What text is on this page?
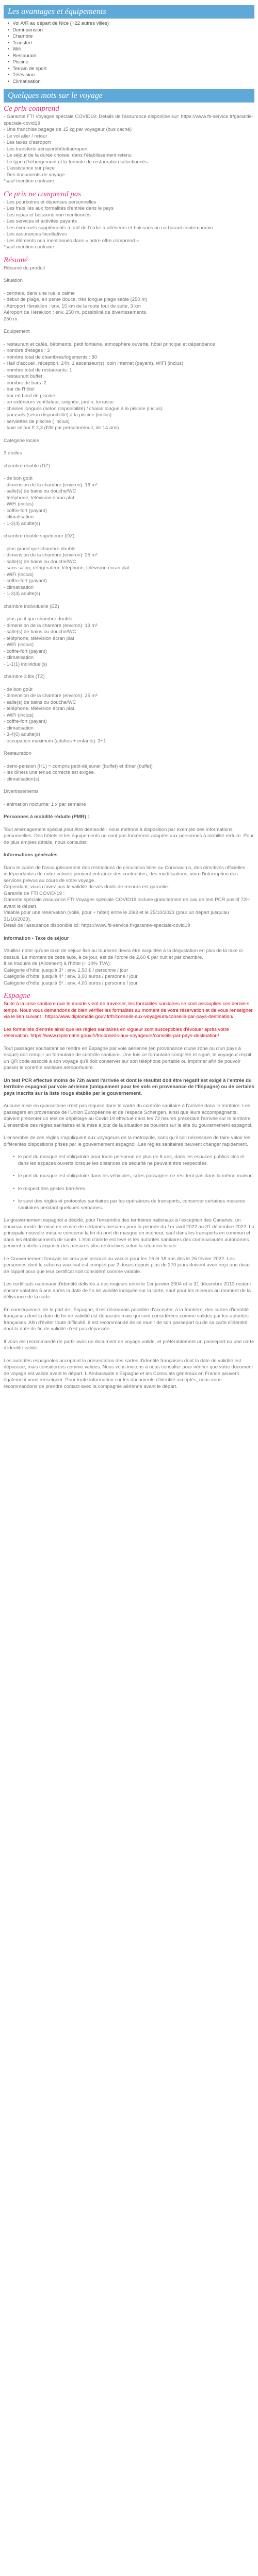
Les avantages et équipements
• Vol A/R au départ de Nice (+22 autres villes)
• Demi-pension
• Chambre
• Transfert
• Wifi
• Restaurant
• Piscine
• Terrain de sport
• Télévision
• Climatisation
Quelques mots sur le voyage
Ce prix comprend

- Garantie FTI Voyages spéciale COVID19: Détails de l'assurance disponible sur: https://www.fti-service.fr/garantie-speciale-covid19

- Une franchise bagage de 15 kg par voyageur (bus caché)

- Le vol aller / retour

- Les taxes d'aéroport

- Les transferts aéroport/hôtel/aéroport

- Le séjour de la durée choisie, dans l'établissement retenu

- Le type d'hébergement et la formule de restauration sélectionnés

- L'assistance sur place

- Des documents de voyage

*sauf mention contraire

Ce prix ne comprend pas

- Les pourboires et dépenses personnelles

- Les frais liés aux formalités d'entrée dans le pays

- Les repas et boissons non mentionnés

- Les services et activités payants

- Les éventuels suppléments à tarif de l'ordre à ultérieurs et boissons ou carburant contemporain

- Les assurances facultatives

- Les éléments non mentionnés dans « notre offre comprend »

*sauf mention contraire

Résumé

Résumé du produit

Situation

- centrale, dans une ruelle calme
- début de plage, en pente douce, très longue plage sable (250 m)
- Aéroport Heraklion : env. 15 km de la route tout de suite, 3 km
Aéroport de Héraklion : env. 250 m, possibilité de divertissements.
250 m

Equipement

- restaurant et cafés, bâtiments, petit fontaine, atmosphère ouverte, hôtel principal et dépendance
- nombre d'étages : 3
- nombre total de chambres/logements : 80
- Hall d'accueil, réception, 24h, 1 ascenseur(s), coin internet (payant), WIFI (inclus)
- nombre total de restaurants: 1
- restaurant buffet
- nombre de bars: 2
- bar de l'hôtel
- bar en bord de piscine
- un extérieurs ventilateur, soignée, jardin, terrasse
- chaises longues (selon disponibilité) / chaise longue à la piscine (inclus)
- parasols (selon disponibilité) à la piscine (inclus)
- serviettes de piscine ( inclus)
- taxe séjour € 2,3 (€/lit par personne/nuit, de 14 ans)

Catégorie locale

3 étoiles

chambre double (DZ)

- de bon goût
- dimension de la chambre (environ): 16 m²
- salle(s) de bains ou douche/WC
- téléphone, télévision écran plat
- WiFi (inclus)
- coffre-fort (payant)
- climatisation
- 1-3(4) adulte(s)

chambre double supérieure (DZ)

- plus grand que chambre double
- dimension de la chambre (environ): 25 m²
- salle(s) de bains ou douche/WC
- sans salon, réfrigérateur, téléphone, télévision écran plat
- WiFi (inclus)
- coffre-fort (payant)
- climatisation
- 1-3(4) adulte(s)

chambre individuelle (EZ)

- plus petit que chambre double
- dimension de la chambre (environ): 13 m²
- salle(s) de bains ou douche/WC
- téléphone, télévision écran plat
- WiFi (inclus)
- coffre-fort (payant)
- climatisation
- 1-1(1) individuel(s)

chambre 3 lits (TZ)

- de bon goût
- dimension de la chambre (environ): 25 m²
- salle(s) de bains ou douche/WC
- téléphone, télévision écran plat
- WiFi (inclus)
- coffre-fort (payant)
- climatisation
- 3-4(6) adulte(s)
- occupation maximum (adultes + enfants): 3+1

Restauration

- demi-pension (HL) = compris petit-déjeuner (buffet) et dîner (buffet)
- les dîners une tenue correcte est exigée.
- climatisation(s)

Divertissements

- animation nocturne: 1 x par semaine

Personnes à mobilité réduite (PMR) :

Tout aménagement spécial peut être demandé : nous mettons à disposition par exemple des informations personnelles. Des hôtels et les équipements ne sont pas forcément adaptés aux personnes à mobilité réduite. Pour de plus amples détails, nous consulter.

Informations générales

Dans le cadre de l'assouplissement des restrictions de circulation liées au Coronavirus, des directives officielles indépendantes de notre volonté peuvent entraîner des contraintes, des modifications, voire l'interruption des services prévus au cours de votre voyage.
Cependant, vous n'avez pas le validité de vos droits de recours est garantie.
Garantie de FTI COVID-19 :
Garantie spéciale assurance FTI Voyages spéciale COVID19 incluse gratuitement en cas de test PCR positif 72H avant le départ.
Valable pour une réservation (voilé, pour + hôtel) entre le 29/3 et le 25/10/2023 (pour un départ jusqu'au 31/10/2023).
Détail de l'assurance disponible ici: https://www.fti-service.fr/garantie-speciale-covid19

Information - Taxe de séjour

Veuillez noter qu'une taxe de séjour fixe au tourisme devra ètre acquittée à la dégustation en plus de la taxe ci-dessus. Le montant de cette taxe, à ce jour, est de l'ordre de 2,60 € par nuit et par chambre.
Il se traduira de (Allotment) à l'hôtel (+ 10% TVA):
Catégorie d'hôtel jusqu'à 3* : env. 1,50 € / personne / jour
Catégorie d'hôtel jusqu'à 4* : env. 3,00 euros / personne / jour
Catégorie d'hôtel jusqu'à 5* : env. 4,00 euros / personne / jour

Espagne

Suite à la crise sanitaire que le monde vient de traverser, les formalités sanitaires se sont assouplies ces derniers temps. Nous vous demandons de bien vérifier les formalités au moment de votre réservation et de vous renseigner via le lien suivant : https://www.diplomatie.gouv.fr/fr/conseils-aux-voyageurs/conseils-par-pays-destination/

Les formalités d'entrée ainsi que les règles sanitaires en vigueur sont susceptibles d'évoluer après votre réservation. https://www.diplomatie.gouv.fr/fr/conseils-aux-voyageurs/conseils-par-pays-destination/

Tout passager souhaitant se rendre en Espagne par voie aérienne (en provenance d'une zone ou d'un pays à risque) doit remplir un formulaire de contrôle sanitaire. Une fois ce formulaire complété et signé, le voyageur reçoit un QR code associé à son voyage qu'il doit conserver sur son téléphone portable ou imprimer afin de pouvoir passer le contrôle sanitaire aéroportuaire.

Un test PCR effectué moins de 72h avant l'arrivée et dont le résultat doit être négatif est exigé à l'entrée du territoire espagnol par voie aérienne (uniquement pour les vols en provenance de l'Espagne) ou de certains pays inscrits sur la liste rouge établie par le gouvernement.

Aucune mise en quarantaine n'est pas requise dans le cadre du contrôle sanitaire à l'arrivée dans le territoire. Les passagers en provenance de l'Union Européenne et de l'espace Schengen, ainsi que leurs accompagnants, doivent présenter un test de dépistage au Covid-19 effectué dans les 72 heures précédant l'arrivée sur le territoire. L'ensemble des règles sanitaires et la mise à jour de la situation se trouvent sur le site du gouvernement espagnol.

L'ensemble de ces règles s'appliquent aux voyageurs de la métropole, sans qu'il soit nécessaire de faire valoir les différentes dispositions prises par le gouvernement espagnol. Les règles sanitaires peuvent changer rapidement.

• le port du masque est obligatoire pour toute personne de plus de 6 ans, dans les espaces publics clos et dans les espaces ouverts lorsque les distances de sécurité ne peuvent être respectées.
• le port du masque est obligatoire dans les véhicules, si les passagers ne résident pas dans la même maison.
• le respect des gestes barrières.
• le suivi des règles et protocoles sanitaires par les opérateurs de transports, conserver certaines mesures sanitaires pendant quelques semaines.

Le gouvernement espagnol a décidé, pour l'ensemble des territoires nationaux à l'exception des Canaries, un nouveau mode de mise en œuvre de certaines mesures pour la période du 1er avril 2022 au 31 décembre 2022. La principale nouvelle mesure concerne la fin du port du masque en intérieur, sauf dans les transports en commun et dans les établissements de santé. L'état d'alerte est levé et les autorités sanitaires des communautés autonomes peuvent toutefois imposer des mesures plus restrictives selon la situation locale.

Le Gouvernement français ne sera pas associé au vaccin pour les 16 et 18 ans dès le 25 février 2022. Les personnes dont le schéma vaccinal est complet par 2 doses depuis plus de 270 jours doivent avoir reçu une dose de rappel pour que leur certificat soit considéré comme valable.

Les certificats nationaux d'identité délivrés à des majeurs entre le 1er janvier 2004 et le 31 décembre 2013 restent encore valables 5 ans après la date de fin de validité indiquée sur la carte, sauf pour les mineurs au moment de la délivrance de la carte.

En conséquence, de la part de l'Espagne, il est désormais possible d'accepter, à la frontière, des cartes d'identité françaises dont la date de fin de validité est dépassée mais qui sont considérées comme valides par les autorités françaises. Afin d'éviter toute difficulté, il est recommandé de se munir de son passeport ou de sa carte d'identité dont la date de fin de validité n'est pas dépassée.

Il vous est recommandé de partir avec un document de voyage valide, et préférablement un passeport ou une carte d'identité valide.

Les autorités espagnoles acceptent la présentation des cartes d'identité françaises dont la date de validité est dépassée, mais considérées comme valides. Nous vous invitons à nous consulter pour vérifier que votre document de voyage est valide avant le départ. L'Ambassade d'Espagne et les Consulats généraux en France peuvent également vous renseigner. Pour toute information sur les documents d'identité acceptés, nous vous recommandons de prendre contact avec la compagnie aérienne avant le départ.
